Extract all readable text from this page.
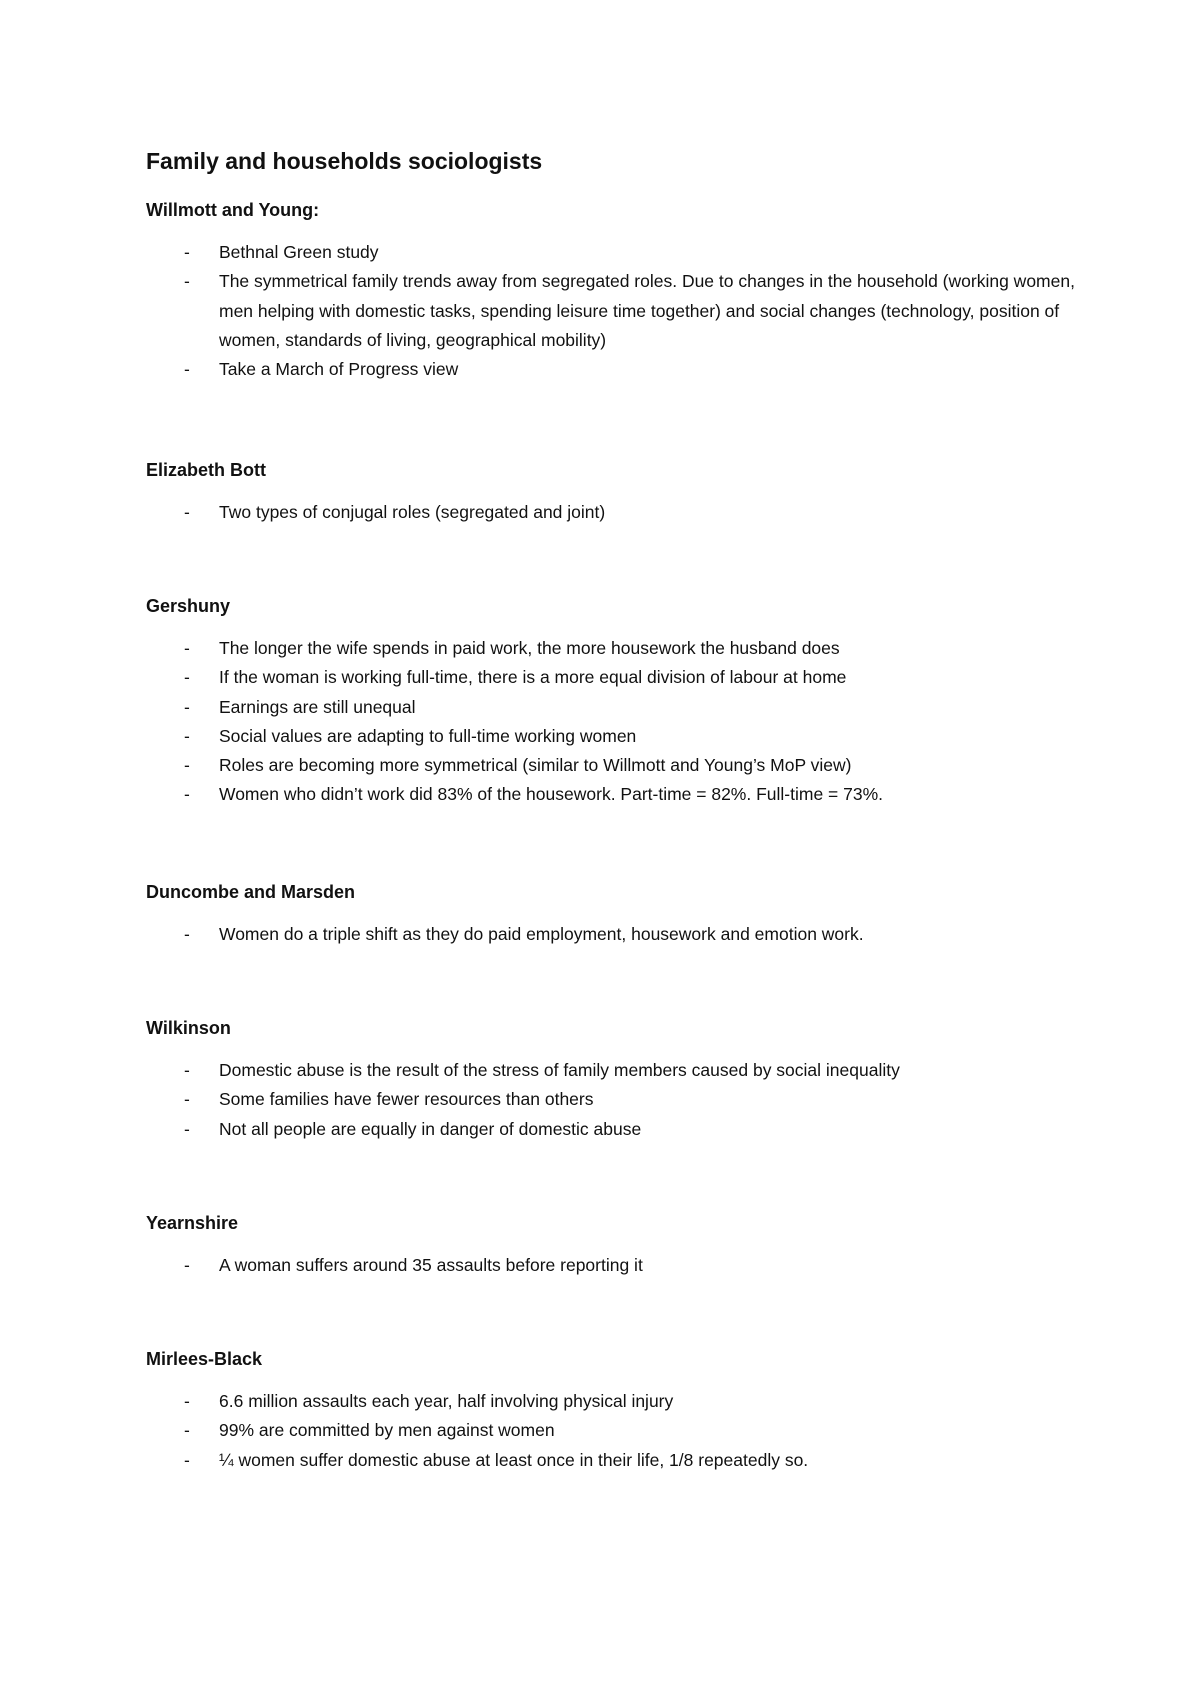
Family and households sociologists
Willmott and Young:
- Bethnal Green study
- The symmetrical family trends away from segregated roles. Due to changes in the household (working women, men helping with domestic tasks, spending leisure time together) and social changes (technology, position of women, standards of living, geographical mobility)
- Take a March of Progress view
Elizabeth Bott
- Two types of conjugal roles (segregated and joint)
Gershuny
- The longer the wife spends in paid work, the more housework the husband does
- If the woman is working full-time, there is a more equal division of labour at home
- Earnings are still unequal
- Social values are adapting to full-time working women
- Roles are becoming more symmetrical (similar to Willmott and Young’s MoP view)
- Women who didn’t work did 83% of the housework. Part-time = 82%. Full-time = 73%.
Duncombe and Marsden
- Women do a triple shift as they do paid employment, housework and emotion work.
Wilkinson
- Domestic abuse is the result of the stress of family members caused by social inequality
- Some families have fewer resources than others
- Not all people are equally in danger of domestic abuse
Yearnshire
- A woman suffers around 35 assaults before reporting it
Mirlees-Black
- 6.6 million assaults each year, half involving physical injury
- 99% are committed by men against women
- ¼ women suffer domestic abuse at least once in their life, 1/8 repeatedly so.
